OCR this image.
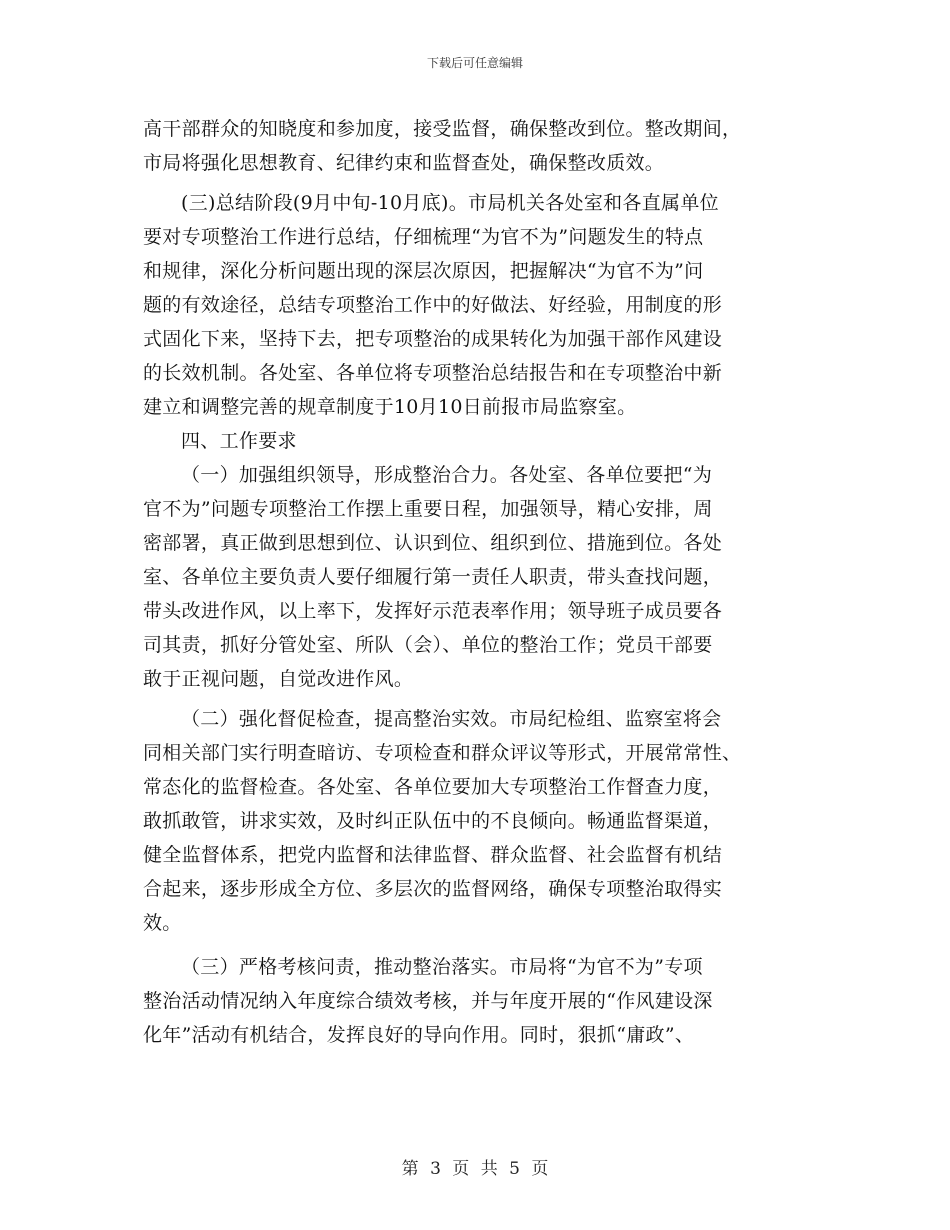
下载后可任意编辑
高干部群众的知晓度和参加度，接受监督，确保整改到位。整改期间，
市局将强化思想教育、纪律约束和监督查处，确保整改质效。
(三)总结阶段(9月中旬-10月底)。市局机关各处室和各直属单位
要对专项整治工作进行总结，仔细梳理“为官不为”问题发生的特点
和规律，深化分析问题出现的深层次原因，把握解决“为官不为”问
题的有效途径，总结专项整治工作中的好做法、好经验，用制度的形
式固化下来，坚持下去，把专项整治的成果转化为加强干部作风建设
的长效机制。各处室、各单位将专项整治总结报告和在专项整治中新
建立和调整完善的规章制度于10月10日前报市局监察室。
四、工作要求
（一）加强组织领导，形成整治合力。各处室、各单位要把“为
官不为”问题专项整治工作摆上重要日程，加强领导，精心安排，周
密部署，真正做到思想到位、认识到位、组织到位、措施到位。各处
室、各单位主要负责人要仔细履行第一责任人职责，带头查找问题，
带头改进作风，以上率下，发挥好示范表率作用；领导班子成员要各
司其责，抓好分管处室、所队（会）、单位的整治工作；党员干部要
敢于正视问题，自觉改进作风。
（二）强化督促检查，提高整治实效。市局纪检组、监察室将会
同相关部门实行明查暗访、专项检查和群众评议等形式，开展常常性、
常态化的监督检查。各处室、各单位要加大专项整治工作督查力度，
敢抓敢管，讲求实效，及时纠正队伍中的不良倾向。畅通监督渠道，
健全监督体系，把党内监督和法律监督、群众监督、社会监督有机结
合起来，逐步形成全方位、多层次的监督网络，确保专项整治取得实
效。
（三）严格考核问责，推动整治落实。市局将“为官不为”专项
整治活动情况纳入年度综合绩效考核，并与年度开展的“作风建设深
化年”活动有机结合，发挥良好的导向作用。同时，狠抓“庸政”、
第 3 页 共 5 页
